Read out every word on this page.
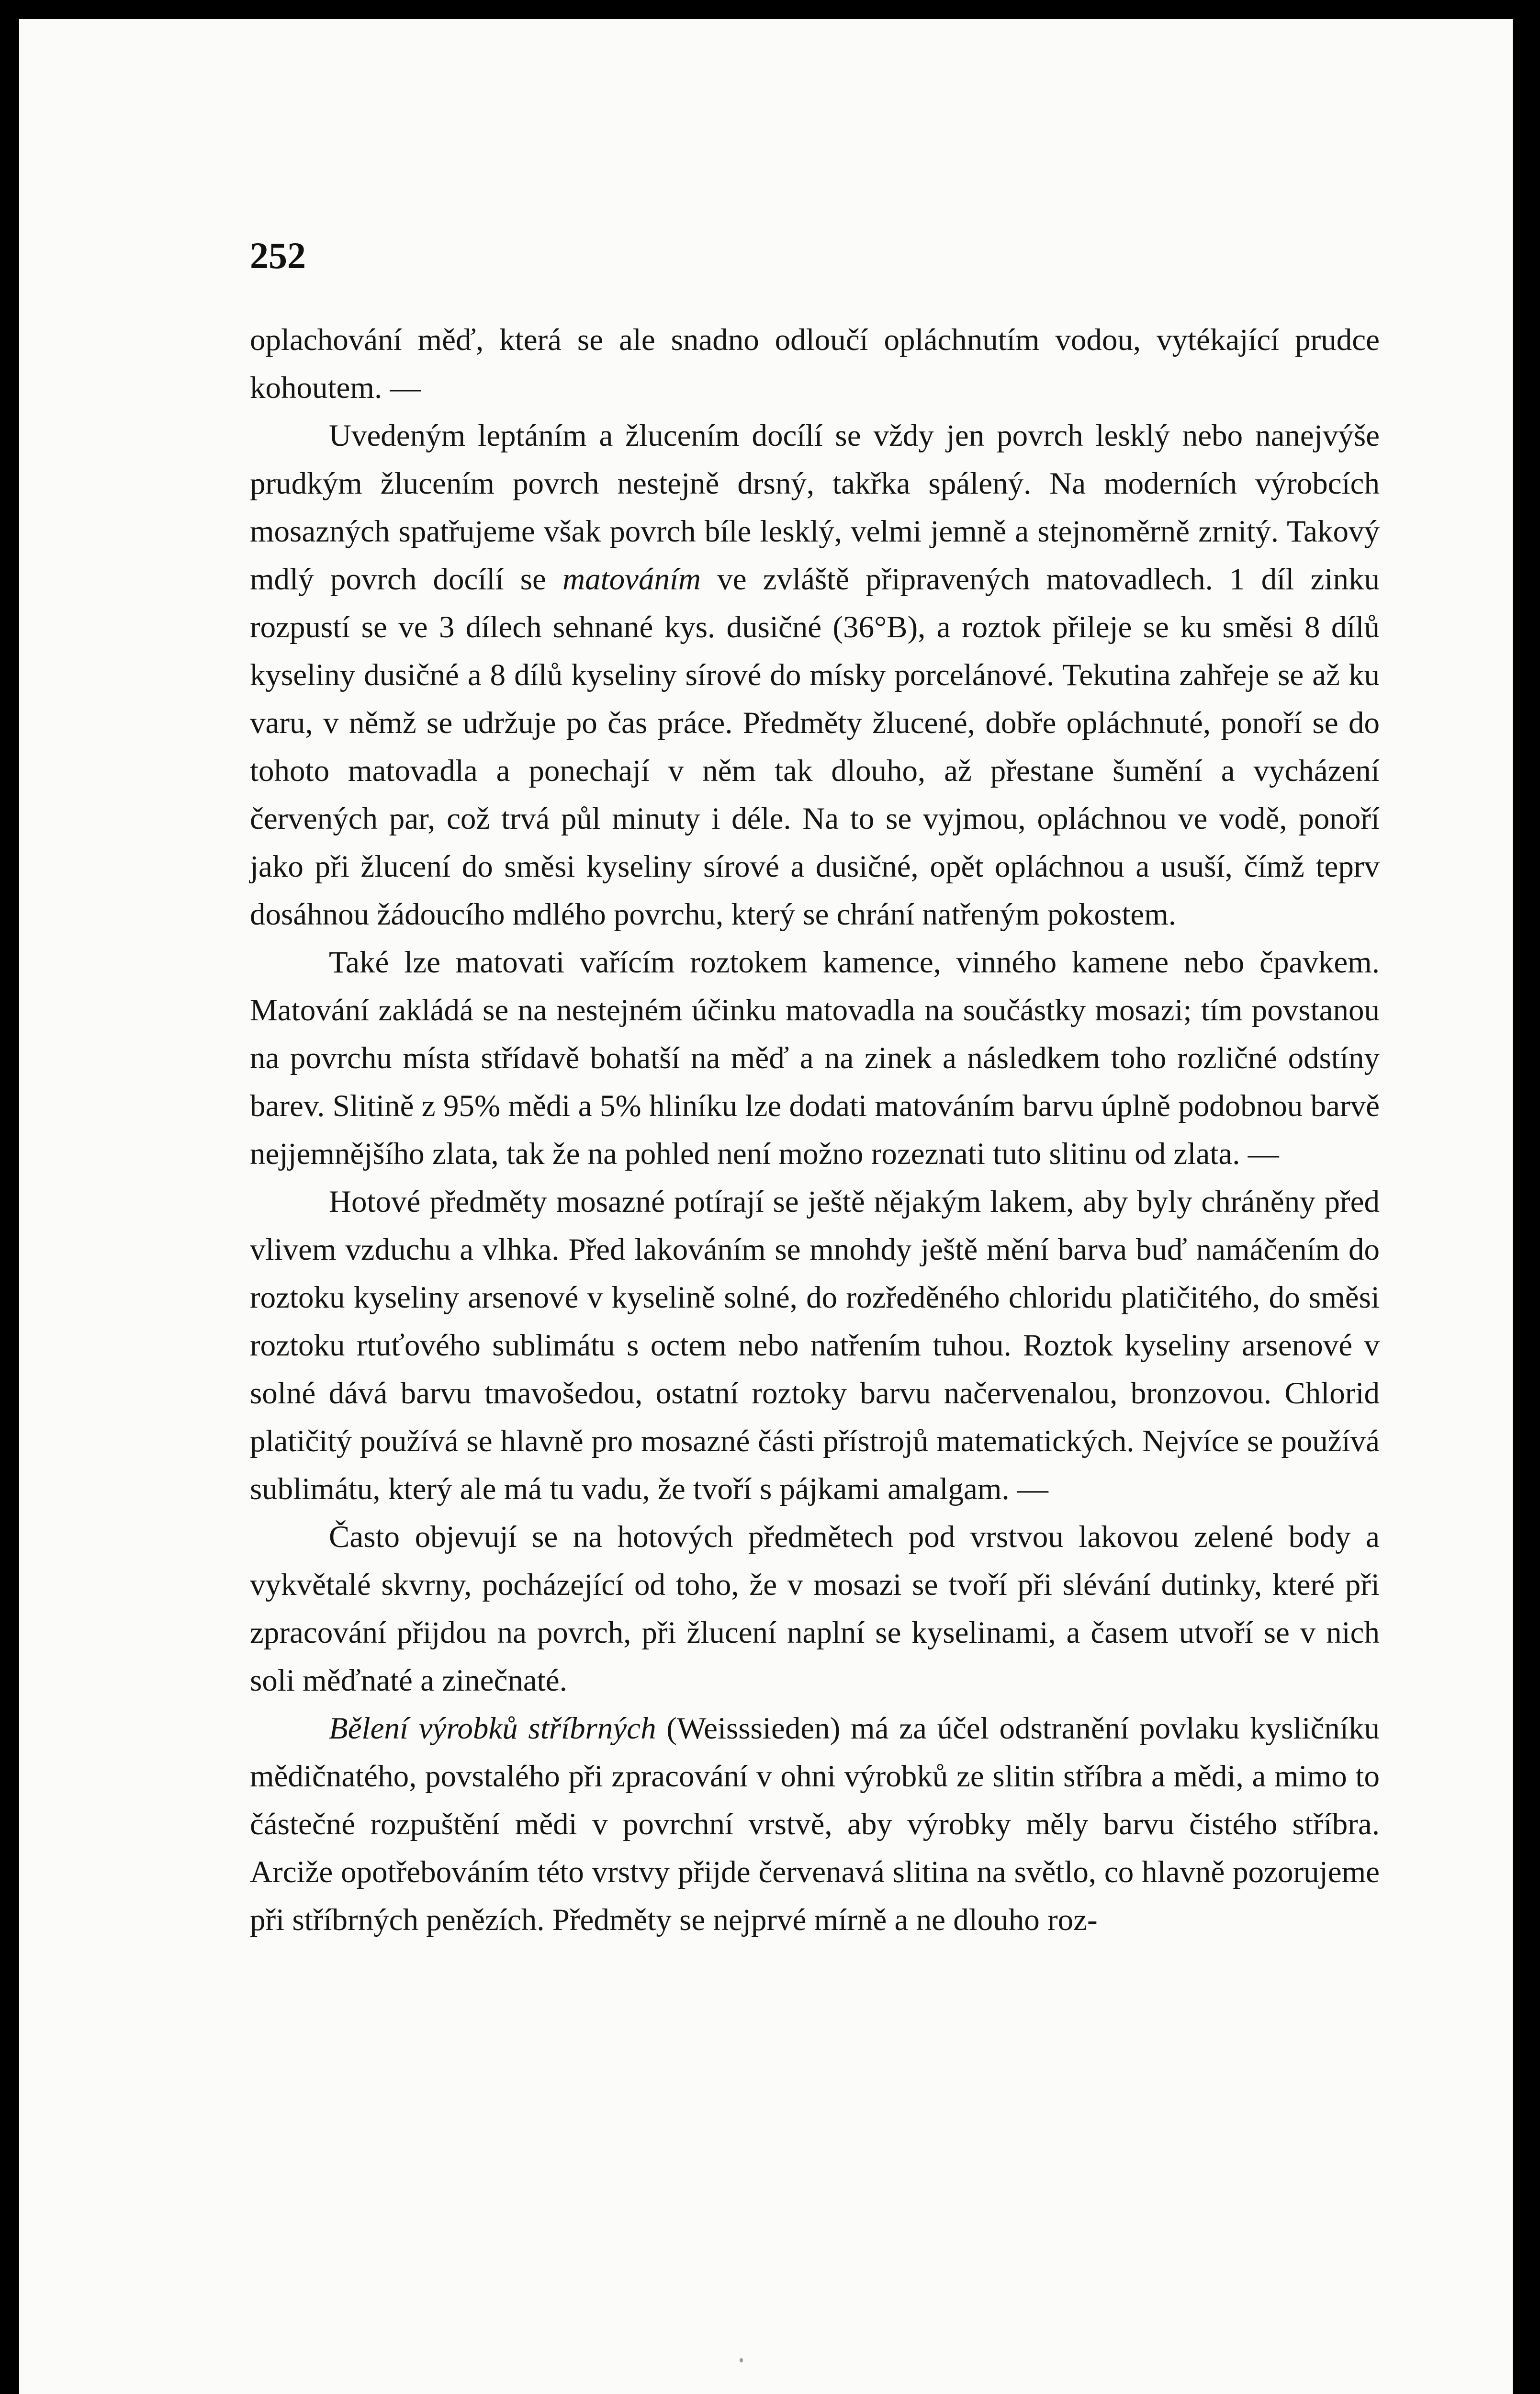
252

oplachování měď, která se ale snadno odloučí opláchnutím vodou, vytékající prudce kohoutem. —

Uvedeným leptáním a žlucením docílí se vždy jen povrch lesklý nebo nanejvýše prudkým žlucením povrch nestejně drsný, takřka spálený. Na moderních výrobcích mosazných spatřujeme však povrch bíle lesklý, velmi jemně a stejnoměrně zrnitý. Takový mdlý povrch docílí se matováním ve zvláště připravených matovadlech. 1 díl zinku rozpustí se ve 3 dílech sehnané kys. dusičné (36°B), a roztok přileje se ku směsi 8 dílů kyseliny dusičné a 8 dílů kyseliny sírové do mísky porcelánové. Tekutina zahřeje se až ku varu, v němž se udržuje po čas práce. Předměty žlucené, dobře opláchnuté, ponoří se do tohoto matovadla a ponechají v něm tak dlouho, až přestane šumění a vycházení červených par, což trvá půl minuty i déle. Na to se vyjmou, opláchnou ve vodě, ponoří jako při žlucení do směsi kyseliny sírové a dusičné, opět opláchnou a usuší, čímž teprv dosáhnou žádoucího mdlého povrchu, který se chrání natřeným pokostem.

Také lze matovati vařícím roztokem kamence, vinného kamene nebo čpavkem. Matování zakládá se na nestejném účinku matovadla na součástky mosazi; tím povstanou na povrchu místa střídavě bohatší na měď a na zinek a následkem toho rozličné odstíny barev. Slitině z 95% mědi a 5% hliníku lze dodati matováním barvu úplně podobnou barvě nejjemnějšího zlata, tak že na pohled není možno rozeznati tuto slitinu od zlata. —

Hotové předměty mosazné potírají se ještě nějakým lakem, aby byly chráněny před vlivem vzduchu a vlhka. Před lakováním se mnohdy ještě mění barva buď namáčením do roztoku kyseliny arsenové v kyselině solné, do rozředěného chloridu platičitého, do směsi roztoku rtuťového sublimátu s octem nebo natřením tuhou. Roztok kyseliny arsenové v solné dává barvu tmavošedou, ostatní roztoky barvu načervenalou, bronzovou. Chlorid platičitý používá se hlavně pro mosazné části přístrojů matematických. Nejvíce se používá sublimátu, který ale má tu vadu, že tvoří s pájkami amalgam. —

Často objevují se na hotových předmětech pod vrstvou lakovou zelené body a vykvětalé skvrny, pocházející od toho, že v mosazi se tvoří při slévání dutinky, které při zpracování přijdou na povrch, při žlucení naplní se kyselinami, a časem utvoří se v nich soli měďnaté a zinečnaté.

Bělení výrobků stříbrných (Weisssieden) má za účel odstranění povlaku kysličníku mědičnatého, povstalého při zpracování v ohni výrobků ze slitin stříbra a mědi, a mimo to částečné rozpuštění mědi v povrchní vrstvě, aby výrobky měly barvu čistého stříbra. Arciže opotřebováním této vrstvy přijde červenavá slitina na světlo, co hlavně pozorujeme při stříbrných penězích. Předměty se nejprvé mírně a ne dlouho roz-
